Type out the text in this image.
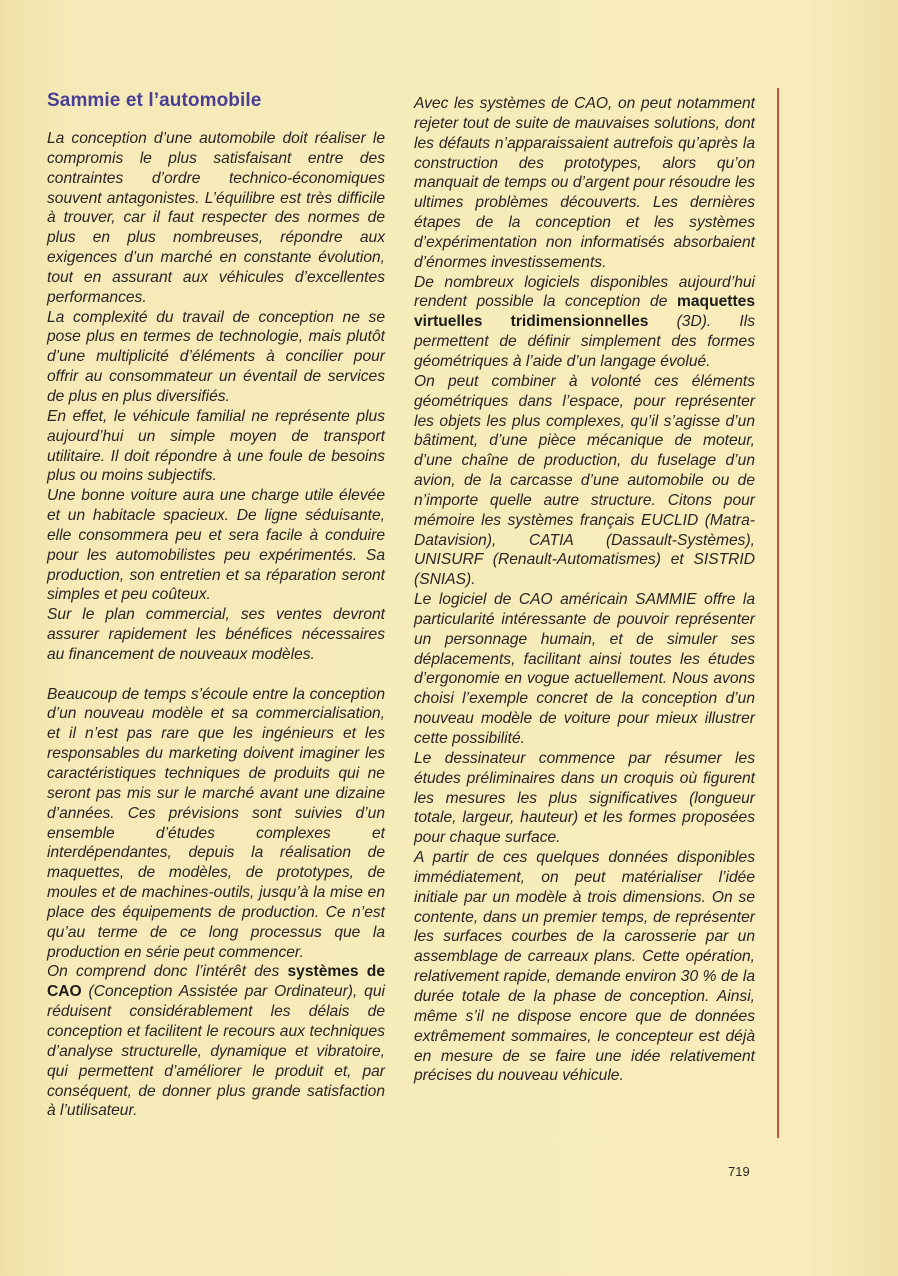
Sammie et l’automobile

La conception d’une automobile doit réaliser le compromis le plus satisfaisant entre des contraintes d’ordre technico-économiques souvent antagonistes. L’équilibre est très difficile à trouver, car il faut respecter des normes de plus en plus nombreuses, répondre aux exigences d’un marché en constante évolution, tout en assurant aux véhicules d’excellentes performances.

La complexité du travail de conception ne se pose plus en termes de technologie, mais plutôt d’une multiplicité d’éléments à concilier pour offrir au consommateur un éventail de services de plus en plus diversifiés.

En effet, le véhicule familial ne représente plus aujourd’hui un simple moyen de transport utilitaire. Il doit répondre à une foule de besoins plus ou moins subjectifs.

Une bonne voiture aura une charge utile élevée et un habitacle spacieux. De ligne séduisante, elle consommera peu et sera facile à conduire pour les automobilistes peu expérimentés. Sa production, son entretien et sa réparation seront simples et peu coûteux.

Sur le plan commercial, ses ventes devront assurer rapidement les bénéfices nécessaires au financement de nouveaux modèles.

Beaucoup de temps s’écoule entre la conception d’un nouveau modèle et sa commercialisation, et il n’est pas rare que les ingénieurs et les responsables du marketing doivent imaginer les caractéristiques techniques de produits qui ne seront pas mis sur le marché avant une dizaine d’années. Ces prévisions sont suivies d’un ensemble d’études complexes et interdépendantes, depuis la réalisation de maquettes, de modèles, de prototypes, de moules et de machines-outils, jusqu’à la mise en place des équipements de production. Ce n’est qu’au terme de ce long processus que la production en série peut commencer.

On comprend donc l’intérêt des systèmes de CAO (Conception Assistée par Ordinateur), qui réduisent considérablement les délais de conception et facilitent le recours aux techniques d’analyse structurelle, dynamique et vibratoire, qui permettent d’améliorer le produit et, par conséquent, de donner plus grande satisfaction à l’utilisateur.

Avec les systèmes de CAO, on peut notamment rejeter tout de suite de mauvaises solutions, dont les défauts n’apparaissaient autrefois qu’après la construction des prototypes, alors qu’on manquait de temps ou d’argent pour résoudre les ultimes problèmes découverts. Les dernières étapes de la conception et les systèmes d’expérimentation non informatisés absorbaient d’énormes investissements.

De nombreux logiciels disponibles aujourd’hui rendent possible la conception de maquettes virtuelles tridimensionnelles (3D). Ils permettent de définir simplement des formes géométriques à l’aide d’un langage évolué.

On peut combiner à volonté ces éléments géométriques dans l’espace, pour représenter les objets les plus complexes, qu’il s’agisse d’un bâtiment, d’une pièce mécanique de moteur, d’une chaîne de production, du fuselage d’un avion, de la carcasse d’une automobile ou de n’importe quelle autre structure. Citons pour mémoire les systèmes français EUCLID (Matra-Datavision), CATIA (Dassault-Systèmes), UNISURF (Renault-Automatismes) et SISTRID (SNIAS).

Le logiciel de CAO américain SAMMIE offre la particularité intéressante de pouvoir représenter un personnage humain, et de simuler ses déplacements, facilitant ainsi toutes les études d’ergonomie en vogue actuellement. Nous avons choisi l’exemple concret de la conception d’un nouveau modèle de voiture pour mieux illustrer cette possibilité.

Le dessinateur commence par résumer les études préliminaires dans un croquis où figurent les mesures les plus significatives (longueur totale, largeur, hauteur) et les formes proposées pour chaque surface.

A partir de ces quelques données disponibles immédiatement, on peut matérialiser l’idée initiale par un modèle à trois dimensions. On se contente, dans un premier temps, de représenter les surfaces courbes de la carosserie par un assemblage de carreaux plans. Cette opération, relativement rapide, demande environ 30 % de la durée totale de la phase de conception. Ainsi, même s’il ne dispose encore que de données extrêmement sommaires, le concepteur est déjà en mesure de se faire une idée relativement précises du nouveau véhicule.

719
